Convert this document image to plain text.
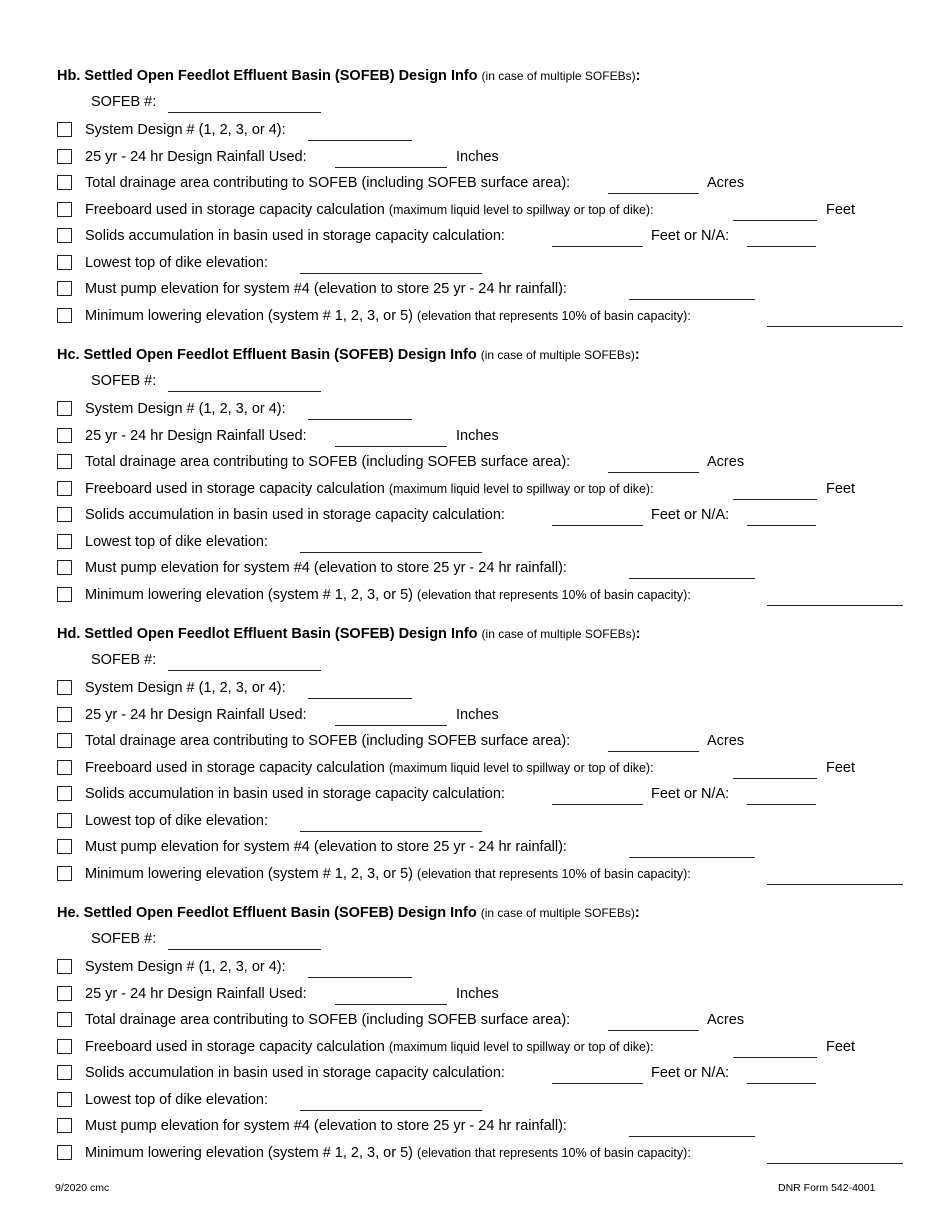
Hb. Settled Open Feedlot Effluent Basin (SOFEB) Design Info (in case of multiple SOFEBs):
SOFEB #:
System Design # (1, 2, 3, or 4):
25 yr - 24 hr Design Rainfall Used:	Inches
Total drainage area contributing to SOFEB (including SOFEB surface area):	Acres
Freeboard used in storage capacity calculation (maximum liquid level to spillway or top of dike):	Feet
Solids accumulation in basin used in storage capacity calculation:	Feet or N/A:
Lowest top of dike elevation:
Must pump elevation for system #4 (elevation to store 25 yr - 24 hr rainfall):
Minimum lowering elevation (system # 1, 2, 3, or 5) (elevation that represents 10% of basin capacity):
Hc. Settled Open Feedlot Effluent Basin (SOFEB) Design Info (in case of multiple SOFEBs):
SOFEB #:
System Design # (1, 2, 3, or 4):
25 yr - 24 hr Design Rainfall Used:	Inches
Total drainage area contributing to SOFEB (including SOFEB surface area):	Acres
Freeboard used in storage capacity calculation (maximum liquid level to spillway or top of dike):	Feet
Solids accumulation in basin used in storage capacity calculation:	Feet or N/A:
Lowest top of dike elevation:
Must pump elevation for system #4 (elevation to store 25 yr - 24 hr rainfall):
Minimum lowering elevation (system # 1, 2, 3, or 5) (elevation that represents 10% of basin capacity):
Hd. Settled Open Feedlot Effluent Basin (SOFEB) Design Info (in case of multiple SOFEBs):
SOFEB #:
System Design # (1, 2, 3, or 4):
25 yr - 24 hr Design Rainfall Used:	Inches
Total drainage area contributing to SOFEB (including SOFEB surface area):	Acres
Freeboard used in storage capacity calculation (maximum liquid level to spillway or top of dike):	Feet
Solids accumulation in basin used in storage capacity calculation:	Feet or N/A:
Lowest top of dike elevation:
Must pump elevation for system #4 (elevation to store 25 yr - 24 hr rainfall):
Minimum lowering elevation (system # 1, 2, 3, or 5) (elevation that represents 10% of basin capacity):
He. Settled Open Feedlot Effluent Basin (SOFEB) Design Info (in case of multiple SOFEBs):
SOFEB #:
System Design # (1, 2, 3, or 4):
25 yr - 24 hr Design Rainfall Used:	Inches
Total drainage area contributing to SOFEB (including SOFEB surface area):	Acres
Freeboard used in storage capacity calculation (maximum liquid level to spillway or top of dike):	Feet
Solids accumulation in basin used in storage capacity calculation:	Feet or N/A:
Lowest top of dike elevation:
Must pump elevation for system #4 (elevation to store 25 yr - 24 hr rainfall):
Minimum lowering elevation (system # 1, 2, 3, or 5) (elevation that represents 10% of basin capacity):
9/2020 cmc	DNR Form 542-4001
